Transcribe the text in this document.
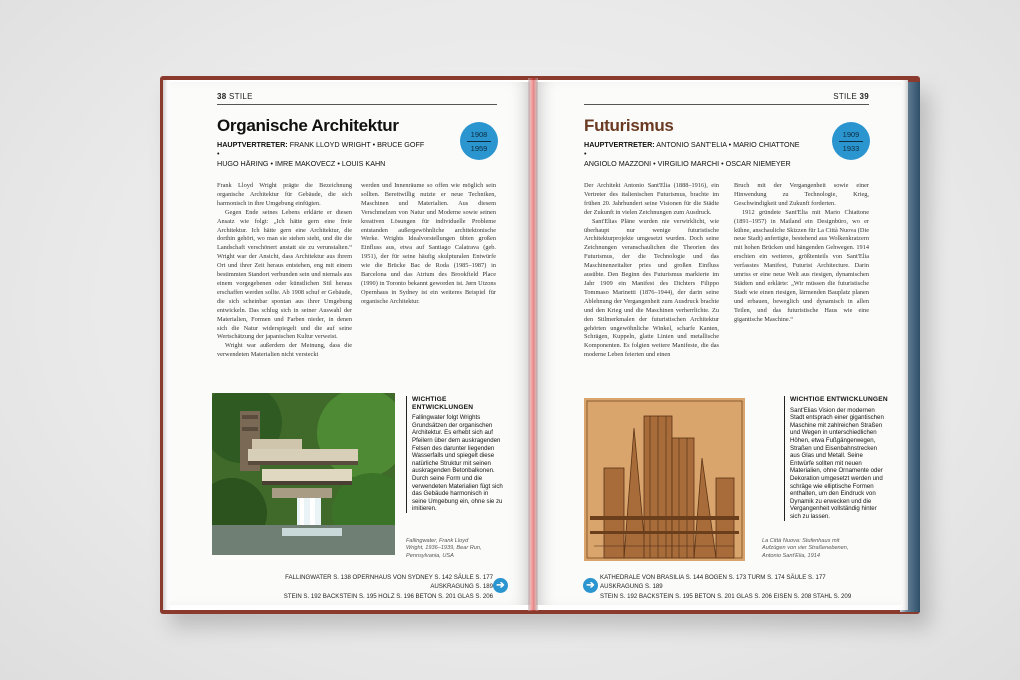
38 STILE
Organische Architektur
HAUPTVERTRETER: FRANK LLOYD WRIGHT • BRUCE GOFF •
HUGO HÄRING • IMRE MAKOVECZ • LOUIS KAHN
1908
1959

Frank Lloyd Wright prägte die Bezeichnung organische Architektur für Gebäude, die sich harmonisch in ihre Umgebung einfügten.

Gegen Ende seines Lebens erklärte er diesen Ansatz wie folgt: „Ich hätte gern eine freie Architektur. Ich hätte gern eine Architektur, die dorthin gehört, wo man sie stehen sieht, und die die Landschaft verschönert anstatt sie zu verunstalten.“ Wright war der Ansicht, dass Architektur aus ihrem Ort und ihrer Zeit heraus entstehen, eng mit einem bestimmten Standort verbunden sein und niemals aus einem vorgegebenen oder künstlichen Stil heraus erschaffen werden sollte. Ab 1908 schuf er Gebäude, die sich scheinbar spontan aus ihrer Umgebung entwickeln. Das schlug sich in seiner Auswahl der Materialien, Formen und Farben nieder, in denen sich die Natur widerspiegelt und die auf seine Wertschätzung der japanischen Kultur verweist.

Wright war außerdem der Meinung, dass die verwendeten Materialien nicht versteckt

werden und Innenräume so offen wie möglich sein sollten. Bereitwillig nutzte er neue Techniken, Maschinen und Materialien. Aus diesem Verschmelzen von Natur und Moderne sowie seinen kreativen Lösungen für individuelle Probleme entstanden außergewöhnliche architektonische Werke. Wrights Idealvorstellungen übten großen Einfluss aus, etwa auf Santiago Calatrava (geb. 1951), der für seine häufig skulpturalen Entwürfe wie die Brücke Bac de Roda (1985–1987) in Barcelona und das Atrium des Brookfield Place (1990) in Toronto bekannt geworden ist. Jørn Utzons Opernhaus in Sydney ist ein weiteres Beispiel für organische Architektur.

WICHTIGE ENTWICKLUNGEN
Fallingwater folgt Wrights Grundsätzen der organischen Architektur. Es erhebt sich auf Pfeilern über dem auskragenden Felsen des darunter liegenden Wasserfalls und spiegelt diese natürliche Struktur mit seinen auskragenden Betonbalkonen. Durch seine Form und die verwendeten Materialien fügt sich das Gebäude harmonisch in seine Umgebung ein, ohne sie zu imitieren.
Fallingwater, Frank Lloyd Wright, 1936–1939, Bear Run, Pennsylvania, USA
FALLINGWATER S. 138 OPERNHAUS VON SYDNEY S. 142 SÄULE S. 177 AUSKRAGUNG S. 189
STEIN S. 192 BACKSTEIN S. 195 HOLZ S. 196 BETON S. 201 GLAS S. 206
➔
STILE 39
Futurismus
HAUPTVERTRETER: ANTONIO SANT'ELIA • MARIO CHIATTONE •
ANGIOLO MAZZONI • VIRGILIO MARCHI • OSCAR NIEMEYER
1909
1933

Der Architekt Antonio Sant'Elia (1888–1916), ein Vertreter des italienischen Futurismus, brachte im frühen 20. Jahrhundert seine Visionen für die Städte der Zukunft in vielen Zeichnungen zum Ausdruck.

Sant'Elias Pläne wurden nie verwirklicht, wie überhaupt nur wenige futuristische Architekturprojekte umgesetzt wurden. Doch seine Zeichnungen veranschaulichen die Theorien des Futurismus, der die Technologie und das Maschinenzeitalter pries und großen Einfluss ausübte. Den Beginn des Futurismus markierte im Jahr 1909 ein Manifest des Dichters Filippo Tommaso Marinetti (1876–1944), der darin seine Ablehnung der Vergangenheit zum Ausdruck brachte und den Krieg und die Maschinen verherrlichte. Zu den Stilmerkmalen der futuristischen Architektur gehörten ungewöhnliche Winkel, scharfe Kanten, Schrägen, Kuppeln, glatte Linien und metallische Komponenten. Es folgten weitere Manifeste, die das moderne Leben feierten und einen

Bruch mit der Vergangenheit sowie einer Hinwendung zu Technologie, Krieg, Geschwindigkeit und Zukunft forderten.

1912 gründete Sant'Elia mit Mario Chiattone (1891–1957) in Mailand ein Designbüro, wo er kühne, anschauliche Skizzen für La Città Nuova (Die neue Stadt) anfertigte, bestehend aus Wolkenkratzern mit hohen Brücken und hängenden Gehwegen. 1914 erschien ein weiteres, größtenteils von Sant'Elia verfasstes Manifest, Futurist Architecture. Darin umriss er eine neue Welt aus riesigen, dynamischen Städten und erklärte: „Wir müssen die futuristische Stadt wie einen riesigen, lärmenden Bauplatz planen und erbauen, beweglich und dynamisch in allen Teilen, und das futuristische Haus wie eine gigantische Maschine.“

WICHTIGE ENTWICKLUNGEN
Sant'Elias Vision der modernen Stadt entsprach einer gigantischen Maschine mit zahlreichen Straßen und Wegen in unterschiedlichen Höhen, etwa Fußgängerwegen, Straßen und Eisenbahnstrecken aus Glas und Metall. Seine Entwürfe sollten mit neuen Materialien, ohne Ornamente oder Dekoration umgesetzt werden und schräge wie elliptische Formen enthalten, um den Eindruck von Dynamik zu erwecken und die Vergangenheit vollständig hinter sich zu lassen.
La Città Nuova: Stufenhaus mit Aufzügen von vier Straßenebenen, Antonio Sant'Elia, 1914
➔
KATHEDRALE VON BRASILIA S. 144 BOGEN S. 173 TURM S. 174 SÄULE S. 177 AUSKRAGUNG S. 189
STEIN S. 192 BACKSTEIN S. 195 BETON S. 201 GLAS S. 206 EISEN S. 208 STAHL S. 209
